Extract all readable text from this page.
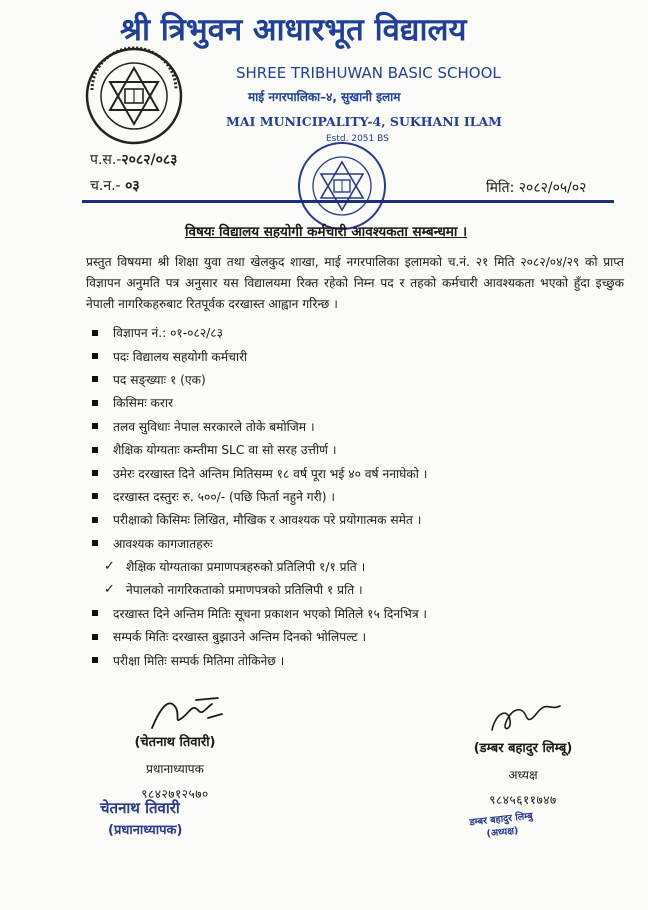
श्री त्रिभुवन आधारभूत विद्यालय
SHREE TRIBHUWAN BASIC SCHOOL
माई नगरपालिका–४, सुखानी इलाम
MAI MUNICIPALITY-4, SUKHANI ILAM
Estd. 2051 BS
प.स.-२०८२/०८३
च.न.- ०३	मिति: २०८२/०५/०२
विषयः विद्यालय सहयोगी कर्मचारी आवश्यकता सम्बन्धमा ।
प्रस्तुत विषयमा श्री शिक्षा युवा तथा खेलकुद शाखा, माई नगरपालिका इलामको च.नं. २१ मिति २०८२/०४/२९ को प्राप्त विज्ञापन अनुमति पत्र अनुसार यस विद्यालयमा रिक्त रहेको निम्न पद र तहको कर्मचारी आवश्यकता भएको हुँदा इच्छुक नेपाली नागरिकहरुबाट रितपूर्वक दरखास्त आह्वान गरिन्छ ।
विज्ञापन नं.: ०१-०८२/८३
पदः विद्यालय सहयोगी कर्मचारी
पद सङ्ख्याः १ (एक)
किसिमः करार
तलव सुविधाः नेपाल सरकारले तोके बमोजिम ।
शैक्षिक योग्यताः कम्तीमा SLC वा सो सरह उत्तीर्ण ।
उमेरः दरखास्त दिने अन्तिम मितिसम्म १८ वर्ष पूरा भई ४० वर्ष ननाघेको ।
दरखास्त दस्तुरः रु. ५००/- (पछि फिर्ता नहुने गरी) ।
परीक्षाको किसिमः लिखित, मौखिक र आवश्यक परे प्रयोगात्मक समेत ।
आवश्यक कागजातहरुः
✓ शैक्षिक योग्यताका प्रमाणपत्रहरुको प्रतिलिपी १/१ प्रति ।
✓ नेपालको नागरिकताको प्रमाणपत्रको प्रतिलिपी १ प्रति ।
दरखास्त दिने अन्तिम मितिः सूचना प्रकाशन भएको मितिले १५ दिनभित्र ।
सम्पर्क मितिः दरखास्त बुझाउने अन्तिम दिनको भोलिपल्ट ।
परीक्षा मितिः सम्पर्क मितिमा तोकिनेछ ।
(चेतनाथ तिवारी)
प्रधानाध्यापक
९८४२७१२५७०
चेतनाथ तिवारी
(प्रधानाध्यापक)
(डम्बर बहादुर लिम्बू)
अध्यक्ष
९८४५६११७४७
डम्बर बहादुर लिम्बु
(अध्यक्ष)
